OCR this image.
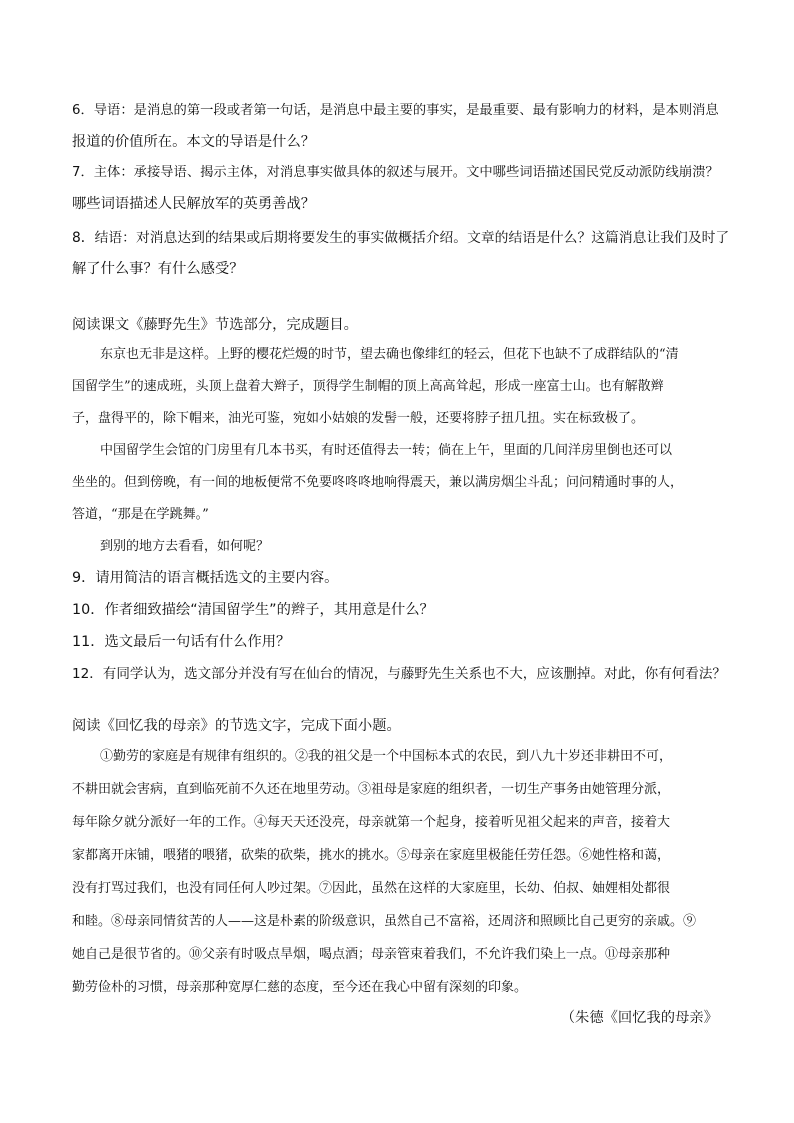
6．导语：是消息的第一段或者第一句话，是消息中最主要的事实，是最重要、最有影响力的材料，是本则消息
报道的价值所在。本文的导语是什么？
7．主体：承接导语、揭示主体，对消息事实做具体的叙述与展开。文中哪些词语描述国民党反动派防线崩溃？
哪些词语描述人民解放军的英勇善战？
8．结语：对消息达到的结果或后期将要发生的事实做概括介绍。文章的结语是什么？这篇消息让我们及时了
解了什么事？有什么感受？
阅读课文《藤野先生》节选部分，完成题目。
东京也无非是这样。上野的樱花烂熳的时节，望去确也像绯红的轻云，但花下也缺不了成群结队的“清
国留学生”的速成班，头顶上盘着大辫子，顶得学生制帽的顶上高高耸起，形成一座富士山。也有解散辫
子，盘得平的，除下帽来，油光可鉴，宛如小姑娘的发髻一般，还要将脖子扭几扭。实在标致极了。
中国留学生会馆的门房里有几本书买，有时还值得去一转；倘在上午，里面的几间洋房里倒也还可以
坐坐的。但到傍晚，有一间的地板便常不免要咚咚咚地响得震天，兼以满房烟尘斗乱；问问精通时事的人，
答道，“那是在学跳舞。”
到别的地方去看看，如何呢？
9．请用简洁的语言概括选文的主要内容。
10．作者细致描绘“清国留学生”的辫子，其用意是什么？
11．选文最后一句话有什么作用？
12．有同学认为，选文部分并没有写在仙台的情况，与藤野先生关系也不大，应该删掉。对此，你有何看法？
阅读《回忆我的母亲》的节选文字，完成下面小题。
①勤劳的家庭是有规律有组织的。②我的祖父是一个中国标本式的农民，到八九十岁还非耕田不可，
不耕田就会害病，直到临死前不久还在地里劳动。③祖母是家庭的组织者，一切生产事务由她管理分派，
每年除夕就分派好一年的工作。④每天天还没亮，母亲就第一个起身，接着听见祖父起来的声音，接着大
家都离开床铺，喂猪的喂猪，砍柴的砍柴，挑水的挑水。⑤母亲在家庭里极能任劳任怨。⑥她性格和蔼，
没有打骂过我们，也没有同任何人吵过架。⑦因此，虽然在这样的大家庭里，长幼、伯叔、妯娌相处都很
和睦。⑧母亲同情贫苦的人——这是朴素的阶级意识，虽然自己不富裕，还周济和照顾比自己更穷的亲戚。⑨
她自己是很节省的。⑩父亲有时吸点旱烟，喝点酒；母亲管束着我们，不允许我们染上一点。⑪母亲那种
勤劳俭朴的习惯，母亲那种宽厚仁慈的态度，至今还在我心中留有深刻的印象。
（朱德《回忆我的母亲》
